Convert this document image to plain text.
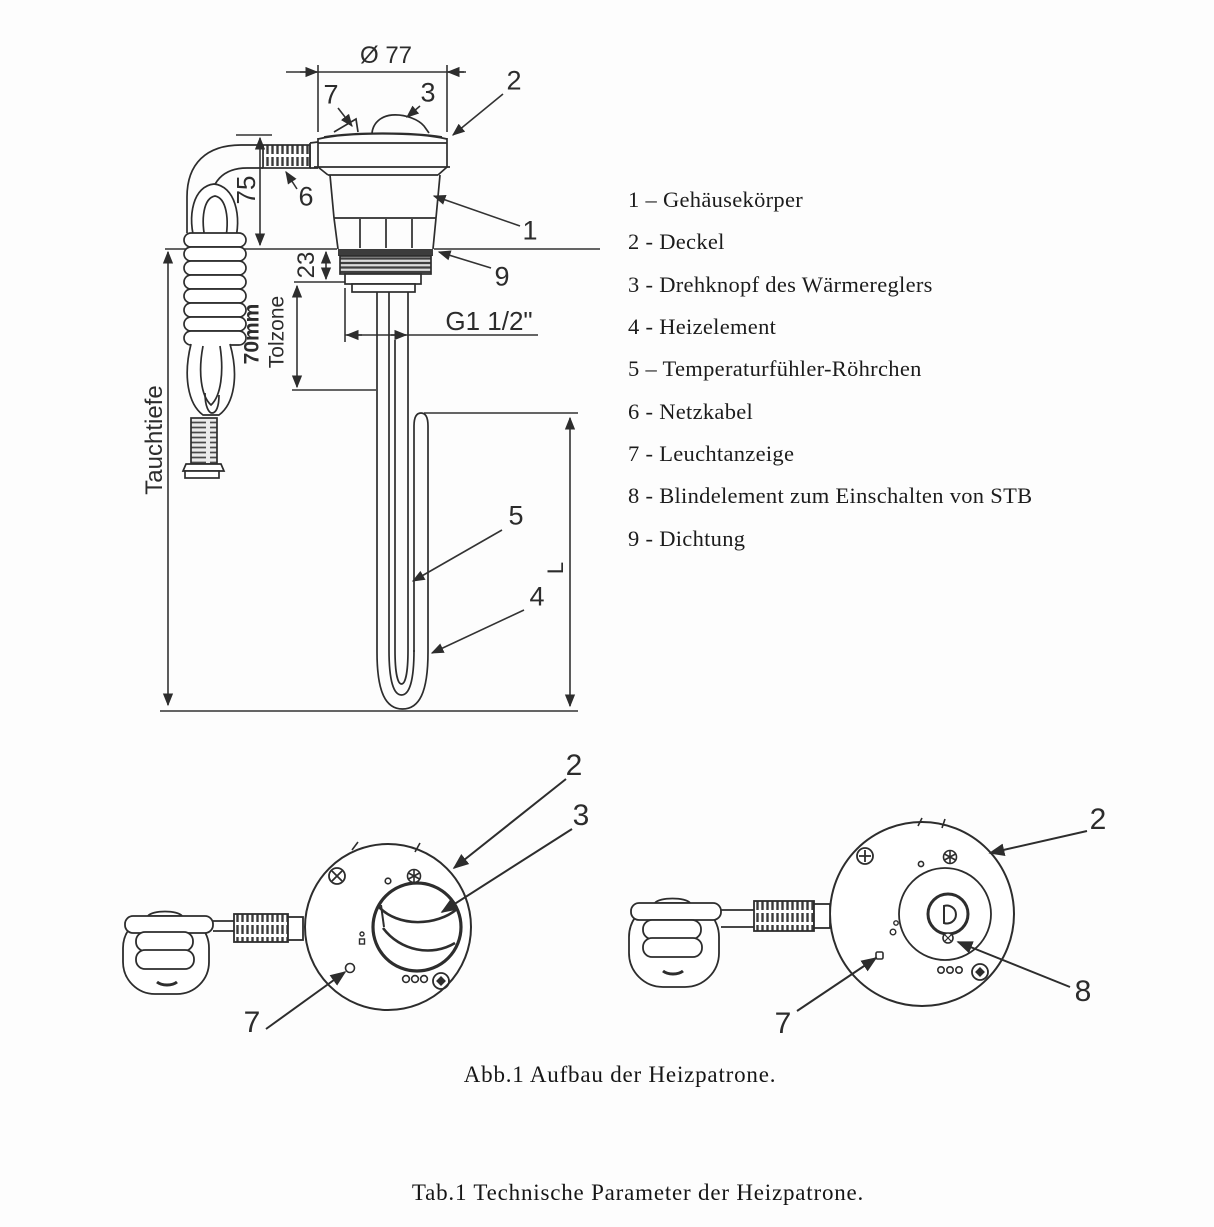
Ø 77
7	3	2
6
1
9
5
4
75
23
70mm Tolzone
Tauchtiefe
G1 1/2"
L
2
3
7
2
8
7
1 – Gehäusekörper
2 - Deckel
3 - Drehknopf des Wärmereglers
4 - Heizelement
5 – Temperaturfühler-Röhrchen
6 - Netzkabel
7 - Leuchtanzeige
8 - Blindelement zum Einschalten von STB
9 - Dichtung
Abb.1 Aufbau der Heizpatrone.
Tab.1 Technische Parameter der Heizpatrone.
